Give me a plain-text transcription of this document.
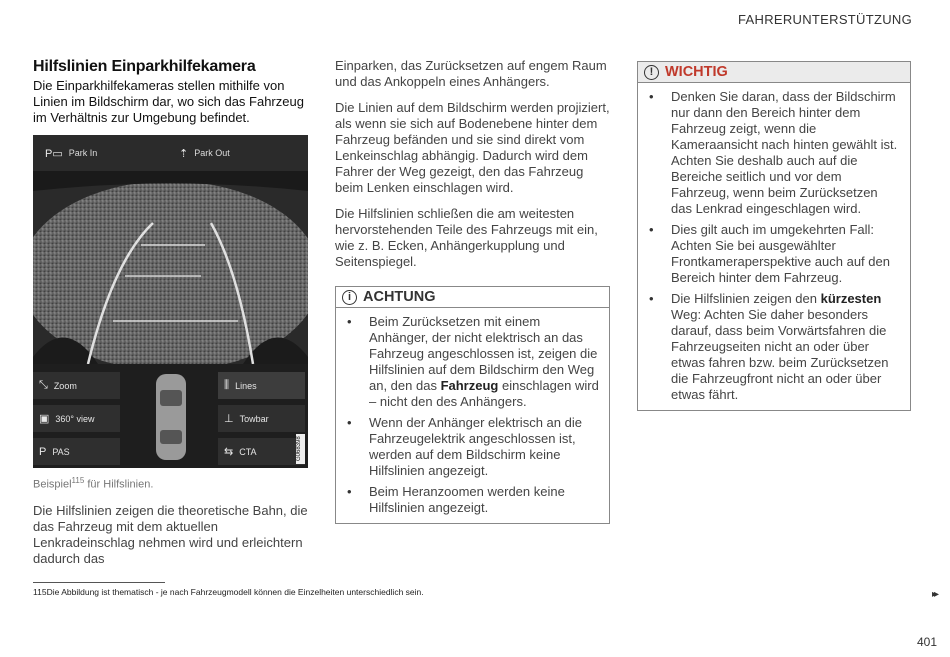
FAHRERUNTERSTÜTZUNG
Hilfslinien Einparkhilfekamera

Die Einparkhilfekameras stellen mithilfe von Linien im Bildschirm dar, wo sich das Fahrzeug im Verhältnis zur Umgebung befindet.

P▭ Park In	⇡ Park Out
⤡ Zoom
▣ 360° view
P PAS
⫼ Lines
⊥ Towbar
⇆ CTA	G068398
Beispiel$^{115}$ für Hilfslinien.

Die Hilfslinien zeigen die theoretische Bahn, die das Fahrzeug mit dem aktuellen Lenkradeinschlag nehmen wird und erleichtern dadurch das

Einparken, das Zurücksetzen auf engem Raum und das Ankoppeln eines Anhängers.

Die Linien auf dem Bildschirm werden projiziert, als wenn sie sich auf Bodenebene hinter dem Fahrzeug befänden und sie sind direkt vom Lenkeinschlag abhängig. Dadurch wird dem Fahrer der Weg gezeigt, den das Fahrzeug beim Lenken einschlagen wird.

Die Hilfslinien schließen die am weitesten hervorstehenden Teile des Fahrzeugs mit ein, wie z. B. Ecken, Anhängerkupplung und Seitenspiegel.

i ACHTUNG
• Beim Zurücksetzen mit einem Anhänger, der nicht elektrisch an das Fahrzeug angeschlossen ist, zeigen die Hilfslinien auf dem Bildschirm den Weg an, den das Fahrzeug einschlagen wird – nicht den des Anhängers.
• Wenn der Anhänger elektrisch an die Fahrzeugelektrik angeschlossen ist, werden auf dem Bildschirm keine Hilfslinien angezeigt.
• Beim Heranzoomen werden keine Hilfslinien angezeigt.
! WICHTIG
• Denken Sie daran, dass der Bildschirm nur dann den Bereich hinter dem Fahrzeug zeigt, wenn die Kameraansicht nach hinten gewählt ist. Achten Sie deshalb auch auf die Bereiche seitlich und vor dem Fahrzeug, wenn beim Zurücksetzen das Lenkrad eingeschlagen wird.
• Dies gilt auch im umgekehrten Fall: Achten Sie bei ausgewählter Frontkameraperspektive auch auf den Bereich hinter dem Fahrzeug.
• Die Hilfslinien zeigen den kürzesten Weg: Achten Sie daher besonders darauf, dass beim Vorwärtsfahren die Fahrzeugseiten nicht an oder über etwas fahren bzw. beim Zurücksetzen die Fahrzeugfront nicht an oder über etwas fährt.
115Die Abbildung ist thematisch - je nach Fahrzeugmodell können die Einzelheiten unterschiedlich sein.	▸▸
401
